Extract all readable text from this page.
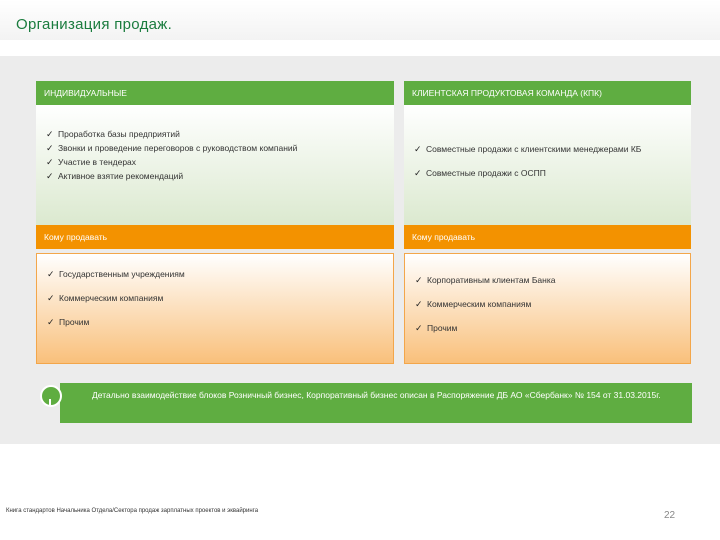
Организация продаж.
ИНДИВИДУАЛЬНЫЕ
✓ Проработка базы предприятий
✓ Звонки и проведение переговоров с руководством компаний
✓ Участие в тендерах
✓ Активное взятие рекомендаций
Кому продавать
✓ Государственным учреждениям
✓ Коммерческим компаниям
✓ Прочим
КЛИЕНТСКАЯ ПРОДУКТОВАЯ КОМАНДА (КПК)
✓ Совместные продажи с клиентскими менеджерами КБ
✓ Совместные продажи с ОСПП
Кому продавать
✓ Корпоративным клиентам Банка
✓ Коммерческим компаниям
✓ Прочим
Детально взаимодействие блоков Розничный бизнес, Корпоративный бизнес описан в Распоряжение ДБ АО «Сбербанк» № 154 от 31.03.2015г.
Книга стандартов Начальника Отдела/Сектора продаж зарплатных проектов и эквайринга	22
